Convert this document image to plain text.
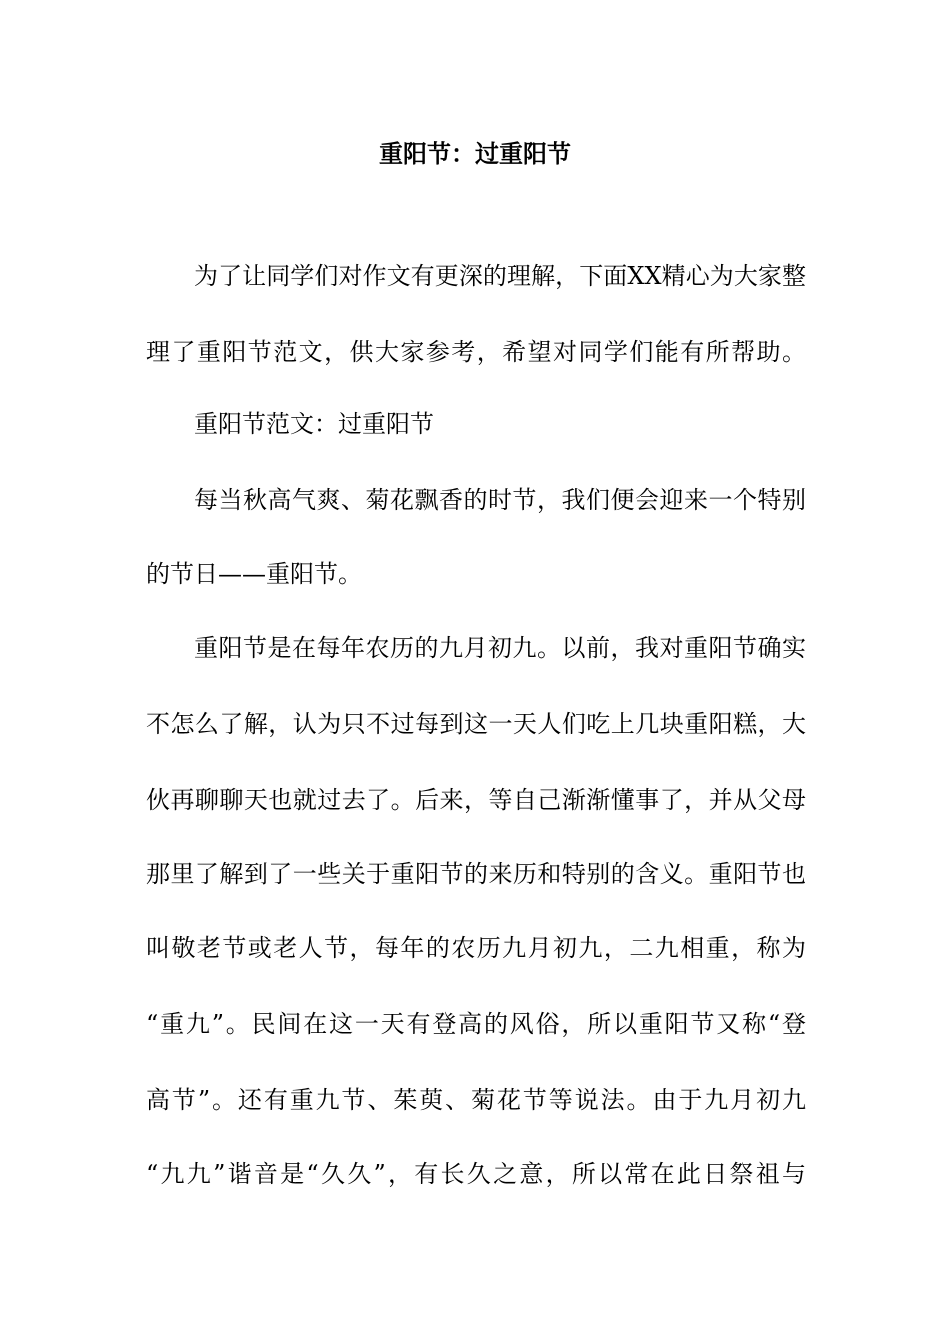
重阳节：过重阳节
为了让同学们对作文有更深的理解，下面XX精心为大家整
理了重阳节范文，供大家参考，希望对同学们能有所帮助。
重阳节范文：过重阳节
每当秋高气爽、菊花飘香的时节，我们便会迎来一个特别
的节日——重阳节。
重阳节是在每年农历的九月初九。以前，我对重阳节确实
不怎么了解，认为只不过每到这一天人们吃上几块重阳糕，大
伙再聊聊天也就过去了。后来，等自己渐渐懂事了，并从父母
那里了解到了一些关于重阳节的来历和特别的含义。重阳节也
叫敬老节或老人节，每年的农历九月初九，二九相重，称为
“重九”。民间在这一天有登高的风俗，所以重阳节又称“登
高节”。还有重九节、茱萸、菊花节等说法。由于九月初九
“九九”谐音是“久久”，有长久之意，所以常在此日祭祖与
